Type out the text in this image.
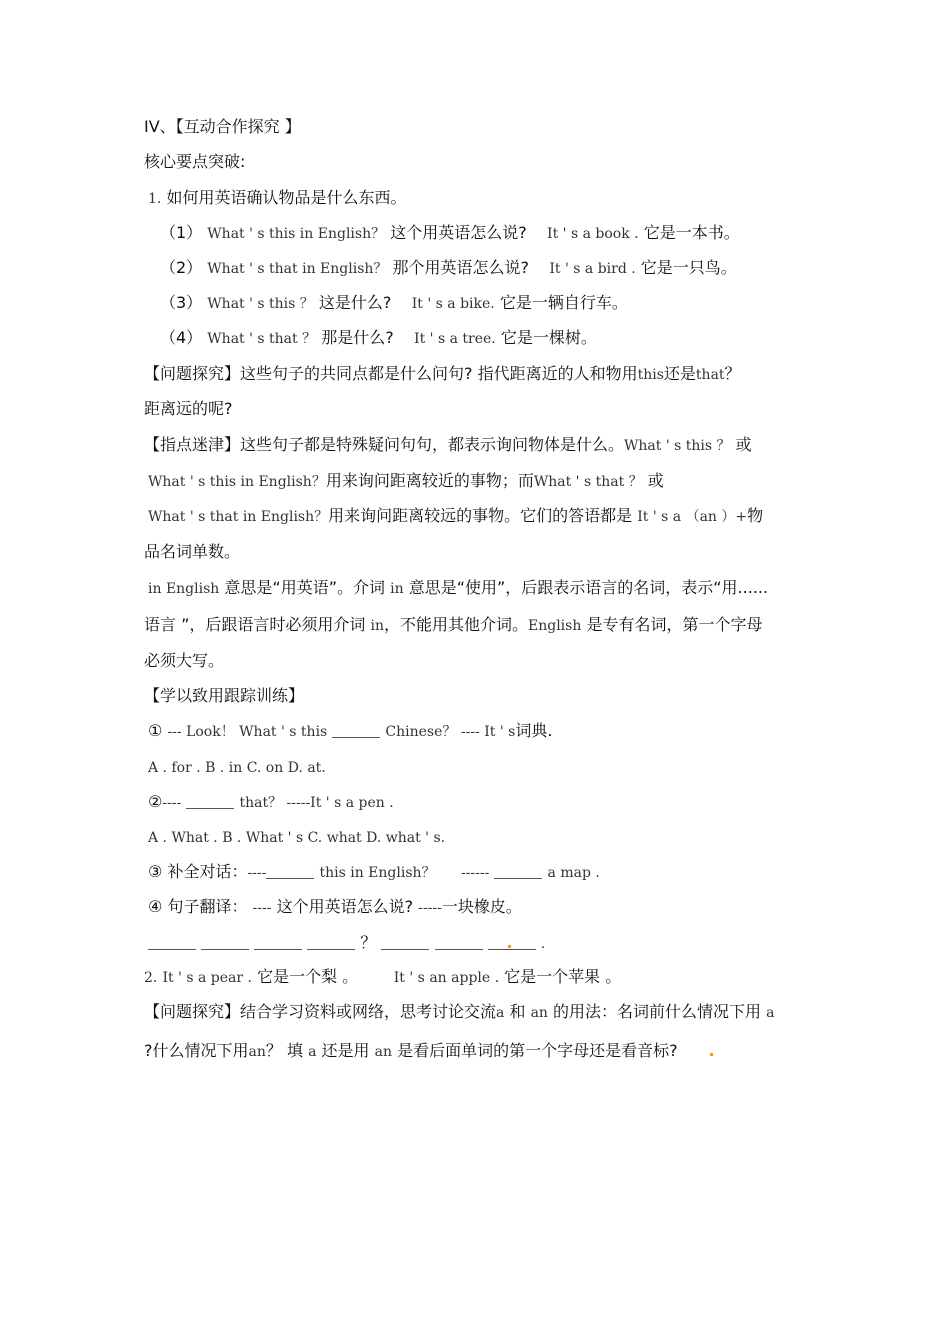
IV、【互动合作探究 】
核心要点突破:
1. 如何用英语确认物品是什么东西。
（1） What ' s this in English？ 这个用英语怎么说? It ' s a book . 它是一本书。
（2） What ' s that in English？ 那个用英语怎么说? It ' s a bird . 它是一只鸟。
（3） What ' s this ？ 这是什么? It ' s a bike. 它是一辆自行车。
（4） What ' s that ？ 那是什么? It ' s a tree. 它是一棵树。
【问题探究】这些句子的共同点都是什么问句? 指代距离近的人和物用this还是that？
距离远的呢?
【指点迷津】这些句子都是特殊疑问句句，都表示询问物体是什么。What ' s this ？ 或
What ' s this in English？用来询问距离较近的事物；而What ' s that ？ 或
What ' s that in English？用来询问距离较远的事物。它们的答语都是 It ' s a （an ）+物
品名词单数。
in English 意思是“用英语”。介词 in 意思是“使用”，后跟表示语言的名词，表示“用......
语言 ”，后跟语言时必须用介词 in，不能用其他介词。English 是专有名词，第一个字母
必须大写。
【学以致用跟踪训练】
① --- Look！ What ' s this	Chinese？ ---- It ' s词典.
A . for . B . in C. on D. at.
②----	that？ -----It ' s a pen .
A . What . B . What ' s C. what D. what ' s.
③ 补全对话：----	this in English？ ------	a map .
④ 句子翻译： ---- 这个用英语怎么说? -----一块橡皮。
？	.
2. It ' s a pear . 它是一个梨 。	It ' s an apple . 它是一个苹果 。
【问题探究】结合学习资料或网络，思考讨论交流a 和 an 的用法：名词前什么情况下用 a
?什么情况下用an？ 填 a 还是用 an 是看后面单词的第一个字母还是看音标?
